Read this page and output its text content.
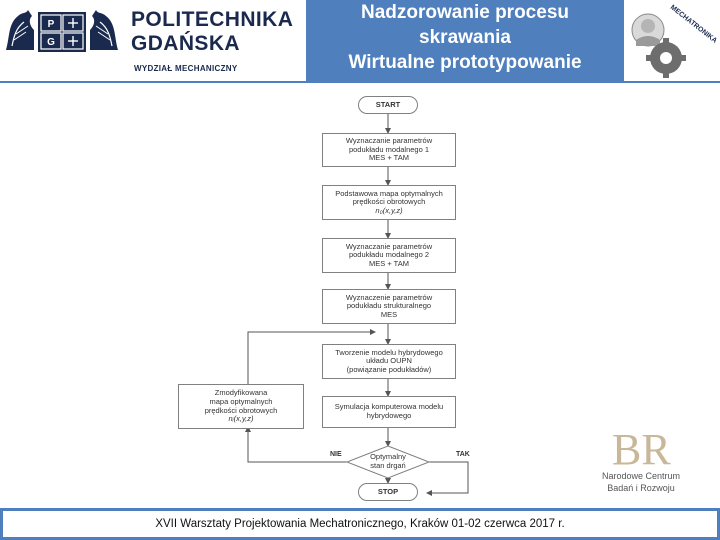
P
G
POLITECHNIKA
GDAŃSKA
WYDZIAŁ MECHANICZNY
Nadzorowanie procesu
skrawania
Wirtualne prototypowanie
MECHATRONIKA
START
Wyznaczanie parametrów
podukładu modalnego 1
MES + TAM
Podstawowa mapa optymalnych
prędkości obrotowych
n₀(x,y,z)
Wyznaczanie parametrów
podukładu modalnego 2
MES + TAM
Wyznaczenie parametrów
podukładu strukturalnego
MES
Tworzenie modelu hybrydowego
układu OUPN
(powiązanie podukładów)
Symulacja komputerowa modelu
hybrydowego
Zmodyfikowana
mapa optymalnych
prędkości obrotowych
nᵢ(x,y,z)
Optymalny
stan drgań
NIE	TAK
STOP
BR
Narodowe Centrum
Badań i Rozwoju
XVII Warsztaty Projektowania Mechatronicznego, Kraków 01-02 czerwca 2017 r.
